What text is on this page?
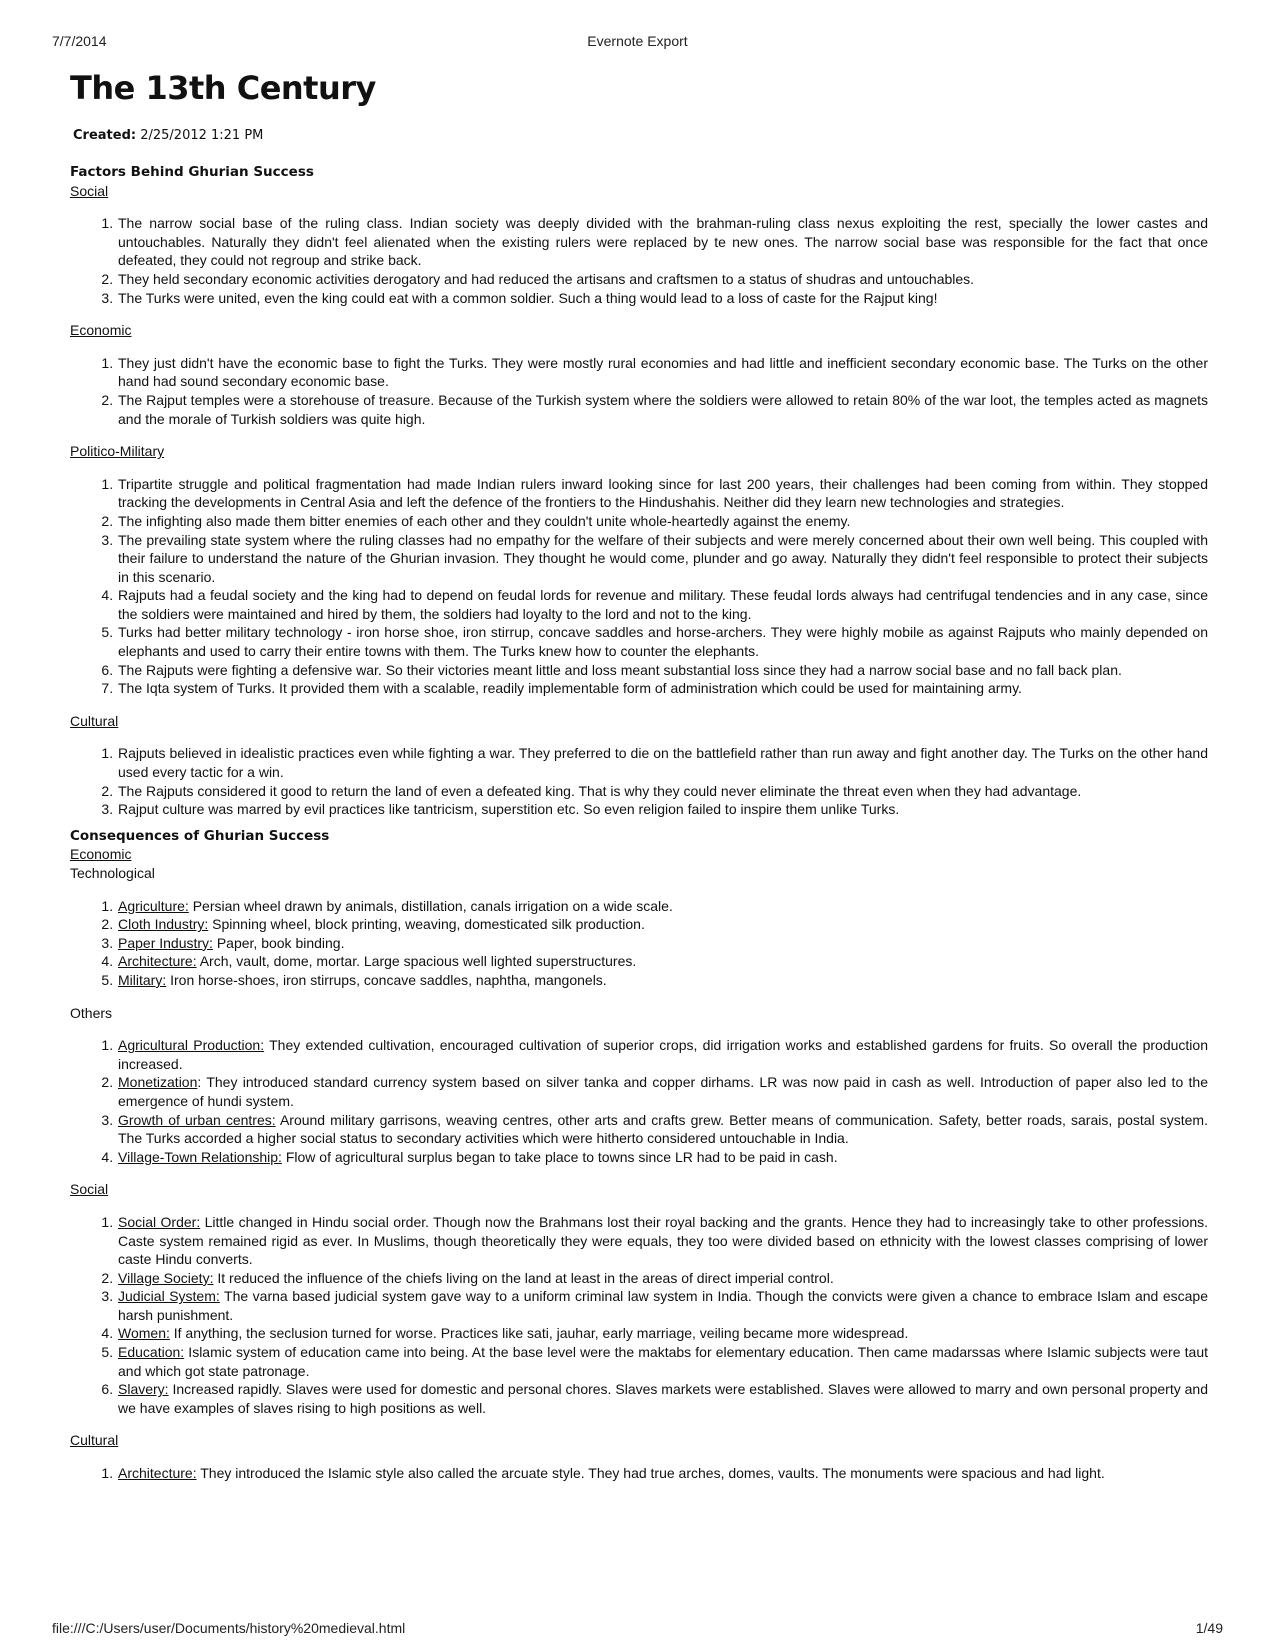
7/7/2014	Evernote Export
The 13th Century
Created: 2/25/2012 1:21 PM
Factors Behind Ghurian Success
Social
1. The narrow social base of the ruling class. Indian society was deeply divided with the brahman-ruling class nexus exploiting the rest, specially the lower castes and untouchables. Naturally they didn't feel alienated when the existing rulers were replaced by te new ones. The narrow social base was responsible for the fact that once defeated, they could not regroup and strike back.
2. They held secondary economic activities derogatory and had reduced the artisans and craftsmen to a status of shudras and untouchables.
3. The Turks were united, even the king could eat with a common soldier. Such a thing would lead to a loss of caste for the Rajput king!
Economic
1. They just didn't have the economic base to fight the Turks. They were mostly rural economies and had little and inefficient secondary economic base. The Turks on the other hand had sound secondary economic base.
2. The Rajput temples were a storehouse of treasure. Because of the Turkish system where the soldiers were allowed to retain 80% of the war loot, the temples acted as magnets and the morale of Turkish soldiers was quite high.
Politico-Military
1. Tripartite struggle and political fragmentation had made Indian rulers inward looking since for last 200 years, their challenges had been coming from within. They stopped tracking the developments in Central Asia and left the defence of the frontiers to the Hindushahis. Neither did they learn new technologies and strategies.
2. The infighting also made them bitter enemies of each other and they couldn't unite whole-heartedly against the enemy.
3. The prevailing state system where the ruling classes had no empathy for the welfare of their subjects and were merely concerned about their own well being. This coupled with their failure to understand the nature of the Ghurian invasion. They thought he would come, plunder and go away. Naturally they didn't feel responsible to protect their subjects in this scenario.
4. Rajputs had a feudal society and the king had to depend on feudal lords for revenue and military. These feudal lords always had centrifugal tendencies and in any case, since the soldiers were maintained and hired by them, the soldiers had loyalty to the lord and not to the king.
5. Turks had better military technology - iron horse shoe, iron stirrup, concave saddles and horse-archers. They were highly mobile as against Rajputs who mainly depended on elephants and used to carry their entire towns with them. The Turks knew how to counter the elephants.
6. The Rajputs were fighting a defensive war. So their victories meant little and loss meant substantial loss since they had a narrow social base and no fall back plan.
7. The Iqta system of Turks. It provided them with a scalable, readily implementable form of administration which could be used for maintaining army.
Cultural
1. Rajputs believed in idealistic practices even while fighting a war. They preferred to die on the battlefield rather than run away and fight another day. The Turks on the other hand used every tactic for a win.
2. The Rajputs considered it good to return the land of even a defeated king. That is why they could never eliminate the threat even when they had advantage.
3. Rajput culture was marred by evil practices like tantricism, superstition etc. So even religion failed to inspire them unlike Turks.
Consequences of Ghurian Success
Economic
Technological
1. Agriculture: Persian wheel drawn by animals, distillation, canals irrigation on a wide scale.
2. Cloth Industry: Spinning wheel, block printing, weaving, domesticated silk production.
3. Paper Industry: Paper, book binding.
4. Architecture: Arch, vault, dome, mortar. Large spacious well lighted superstructures.
5. Military: Iron horse-shoes, iron stirrups, concave saddles, naphtha, mangonels.
Others
1. Agricultural Production: They extended cultivation, encouraged cultivation of superior crops, did irrigation works and established gardens for fruits. So overall the production increased.
2. Monetization: They introduced standard currency system based on silver tanka and copper dirhams. LR was now paid in cash as well. Introduction of paper also led to the emergence of hundi system.
3. Growth of urban centres: Around military garrisons, weaving centres, other arts and crafts grew. Better means of communication. Safety, better roads, sarais, postal system. The Turks accorded a higher social status to secondary activities which were hitherto considered untouchable in India.
4. Village-Town Relationship: Flow of agricultural surplus began to take place to towns since LR had to be paid in cash.
Social
1. Social Order: Little changed in Hindu social order. Though now the Brahmans lost their royal backing and the grants. Hence they had to increasingly take to other professions. Caste system remained rigid as ever. In Muslims, though theoretically they were equals, they too were divided based on ethnicity with the lowest classes comprising of lower caste Hindu converts.
2. Village Society: It reduced the influence of the chiefs living on the land at least in the areas of direct imperial control.
3. Judicial System: The varna based judicial system gave way to a uniform criminal law system in India. Though the convicts were given a chance to embrace Islam and escape harsh punishment.
4. Women: If anything, the seclusion turned for worse. Practices like sati, jauhar, early marriage, veiling became more widespread.
5. Education: Islamic system of education came into being. At the base level were the maktabs for elementary education. Then came madarssas where Islamic subjects were taut and which got state patronage.
6. Slavery: Increased rapidly. Slaves were used for domestic and personal chores. Slaves markets were established. Slaves were allowed to marry and own personal property and we have examples of slaves rising to high positions as well.
Cultural
1. Architecture: They introduced the Islamic style also called the arcuate style. They had true arches, domes, vaults. The monuments were spacious and had light.
file:///C:/Users/user/Documents/history%20medieval.html	1/49
